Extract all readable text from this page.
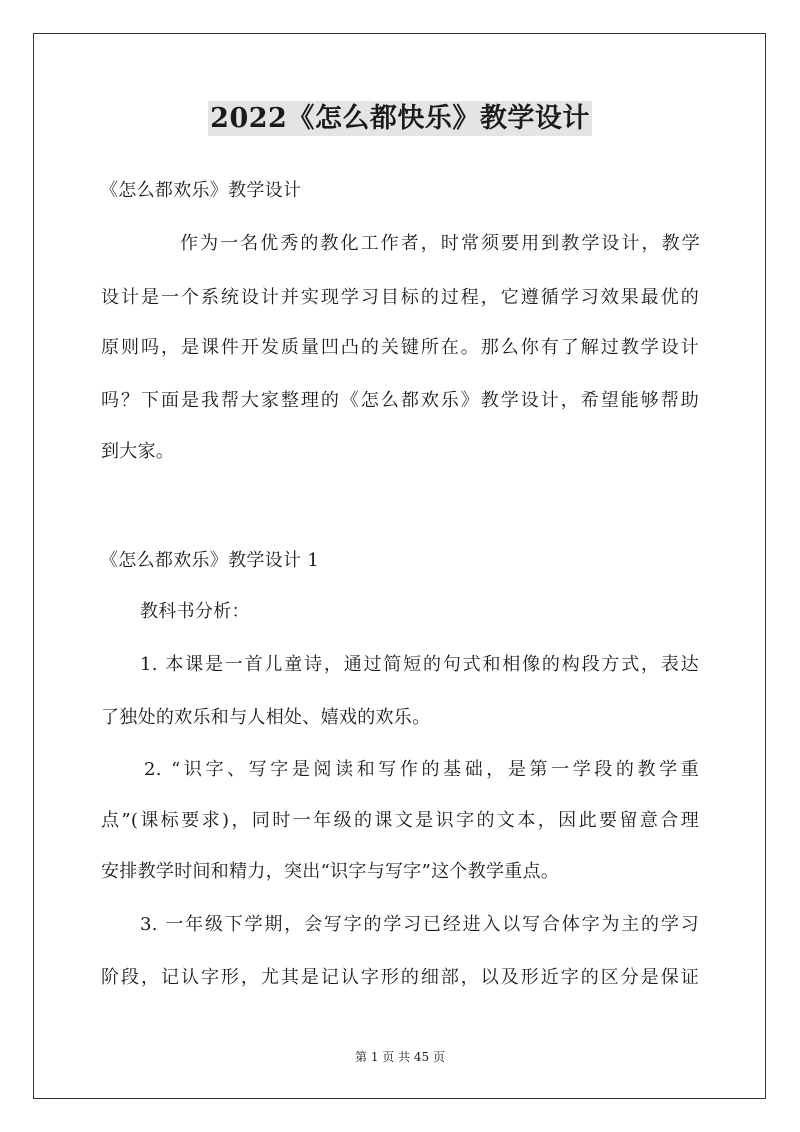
2022《怎么都快乐》教学设计
《怎么都欢乐》教学设计
作为一名优秀的教化工作者，时常须要用到教学设计，教学
设计是一个系统设计并实现学习目标的过程，它遵循学习效果最优的
原则吗，是课件开发质量凹凸的关键所在。那么你有了解过教学设计
吗？下面是我帮大家整理的《怎么都欢乐》教学设计，希望能够帮助
到大家。
《怎么都欢乐》教学设计 1
教科书分析：
1. 本课是一首儿童诗，通过简短的句式和相像的构段方式，表达
了独处的欢乐和与人相处、嬉戏的欢乐。
2. “识字、写字是阅读和写作的基础，是第一学段的教学重
点”(课标要求)，同时一年级的课文是识字的文本，因此要留意合理
安排教学时间和精力，突出“识字与写字”这个教学重点。
3. 一年级下学期，会写字的学习已经进入以写合体字为主的学习
阶段，记认字形，尤其是记认字形的细部，以及形近字的区分是保证
第 1 页 共 45 页
